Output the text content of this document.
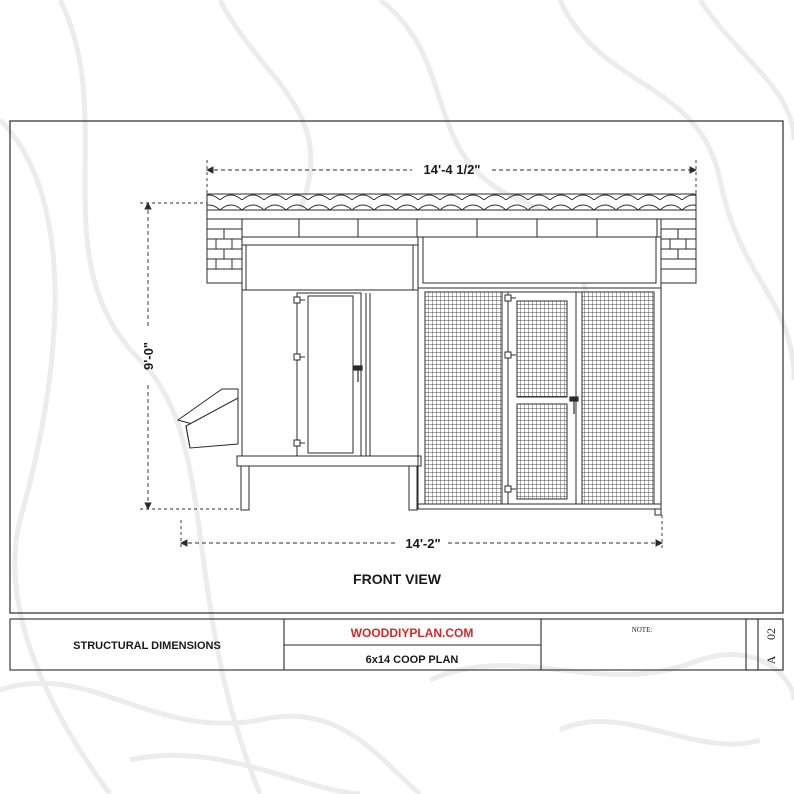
14'-4 1/2"
9'-0"
14'-2"
FRONT VIEW
STRUCTURAL DIMENSIONS
WOODDIYPLAN.COM
6x14 COOP PLAN
NOTE:
A
02
